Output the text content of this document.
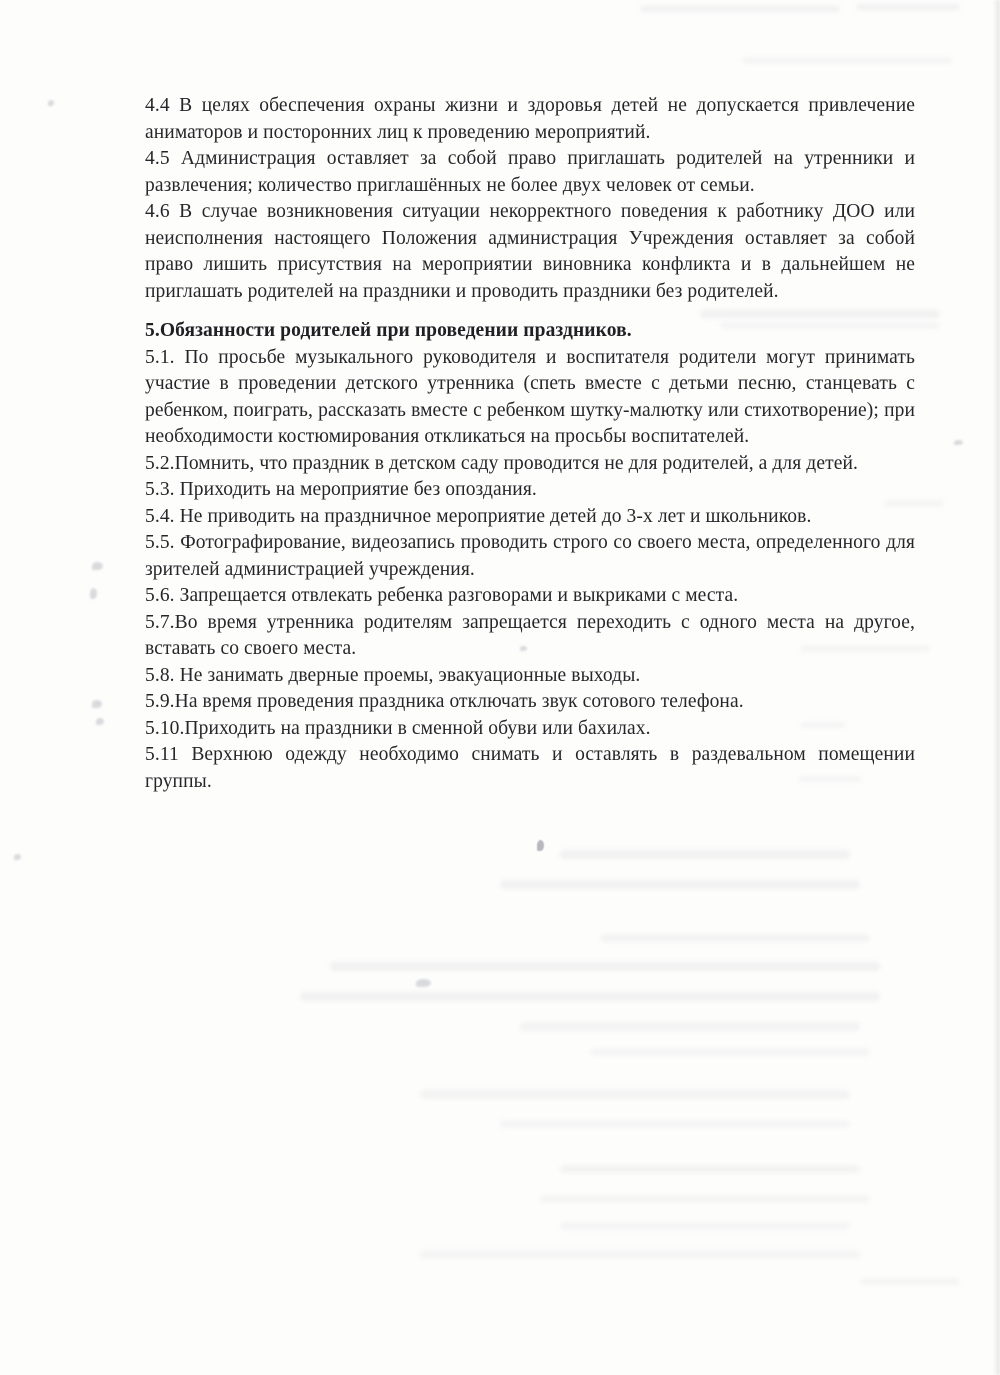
4.4 В целях обеспечения охраны жизни и здоровья детей не допускается привлечение аниматоров и посторонних лиц к проведению мероприятий.

4.5 Администрация оставляет за собой право приглашать родителей на утренники и развлечения; количество приглашённых не более двух человек от семьи.

4.6 В случае возникновения ситуации некорректного поведения к работнику ДОО или неисполнения настоящего Положения администрация Учреждения оставляет за собой право лишить присутствия на мероприятии виновника конфликта и в дальнейшем не приглашать родителей на праздники и проводить праздники без родителей.

5.Обязанности родителей при проведении праздников.

5.1. По просьбе музыкального руководителя и воспитателя родители могут принимать участие в проведении детского утренника (спеть вместе с детьми песню, станцевать с ребенком, поиграть, рассказать вместе с ребенком шутку-малютку или стихотворение); при необходимости костюмирования откликаться на просьбы воспитателей.

5.2.Помнить, что праздник в детском саду проводится не для родителей, а для детей.

5.3. Приходить на мероприятие без опоздания.

5.4. Не приводить на праздничное мероприятие детей до 3-х лет и школьников.

5.5. Фотографирование, видеозапись проводить строго со своего места, определенного для зрителей администрацией учреждения.

5.6. Запрещается отвлекать ребенка разговорами и выкриками с места.

5.7.Во время утренника родителям запрещается переходить с одного места на другое, вставать со своего места.

5.8. Не занимать дверные проемы, эвакуационные выходы.

5.9.На время проведения праздника отключать звук сотового телефона.

5.10.Приходить на праздники в сменной обуви или бахилах.

5.11 Верхнюю одежду необходимо снимать и оставлять в раздевальном помещении группы.
